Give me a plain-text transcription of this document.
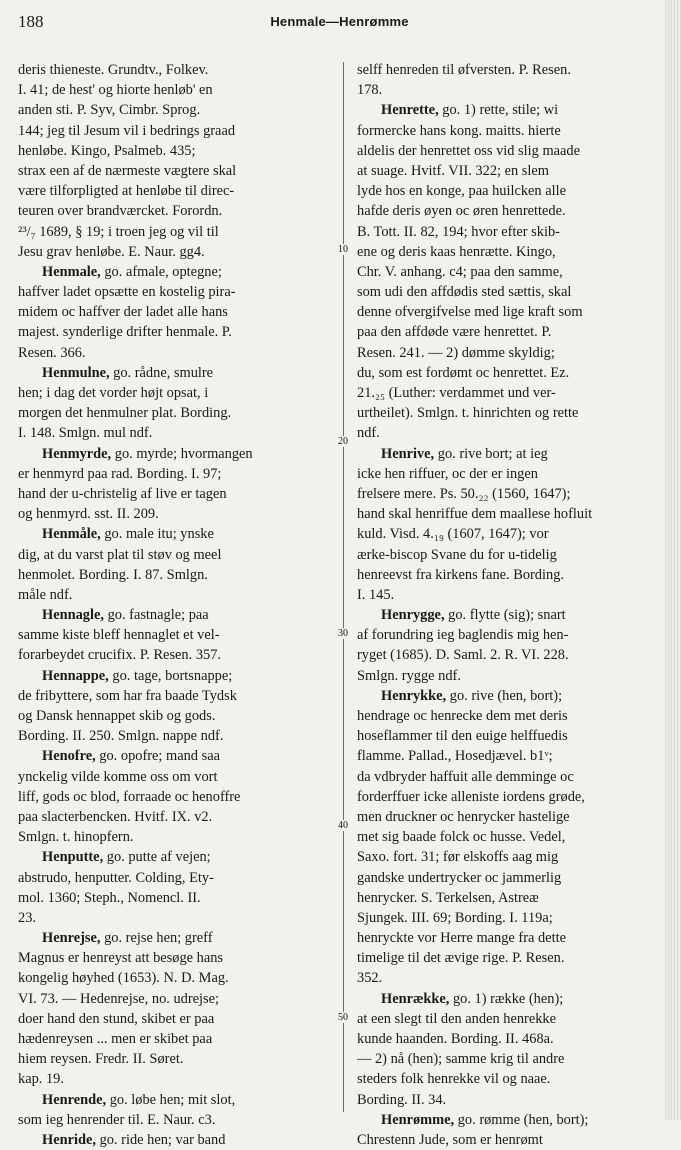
188	Henmale—Henrømme
deris thieneste. Grundtv., Folkev.
I. 41; de hest' og hiorte henløb' en
anden sti. P. Syv, Cimbr. Sprog.
144; jeg til Jesum vil i bedrings graad
henløbe. Kingo, Psalmeb. 435;
strax een af de nærmeste vægtere skal
være tilforpligted at henløbe til direc-
teuren over brandværcket. Forordn.
²³/₇ 1689, § 19; i troen jeg og vil til
Jesu grav henløbe. E. Naur. gg4.
Henmale, go. afmale, optegne;
haffver ladet opsætte en kostelig pira-
midem oc haffver der ladet alle hans
majest. synderlige drifter henmale. P.
Resen. 366.
Henmulne, go. rådne, smulre
hen; i dag det vorder højt opsat, i
morgen det henmulner plat. Bording.
I. 148. Smlgn. mul ndf.
Henmyrde, go. myrde; hvormangen
er henmyrd paa rad. Bording. I. 97;
hand der u-christelig af live er tagen
og henmyrd. sst. II. 209.
Henmåle, go. male itu; ynske
dig, at du varst plat til støv og meel
henmolet. Bording. I. 87. Smlgn.
måle ndf.
Hennagle, go. fastnagle; paa
samme kiste bleff hennaglet et vel-
forarbeydet crucifix. P. Resen. 357.
Hennappe, go. tage, bortsnappe;
de fribyttere, som har fra baade Tydsk
og Dansk hennappet skib og gods.
Bording. II. 250. Smlgn. nappe ndf.
Henofre, go. opofre; mand saa
ynckelig vilde komme oss om vort
liff, gods oc blod, forraade oc henoffre
paa slacterbencken. Hvitf. IX. v2.
Smlgn. t. hinopfern.
Henputte, go. putte af vejen;
abstrudo, henputter. Colding, Ety-
mol. 1360; Steph., Nomencl. II.
23.
Henrejse, go. rejse hen; greff
Magnus er henreyst att besøge hans
kongelig høyhed (1653). N. D. Mag.
VI. 73. — Hedenrejse, no. udrejse;
doer hand den stund, skibet er paa
hædenreysen ... men er skibet paa
hiem reysen. Fredr. II. Søret.
kap. 19.
Henrende, go. løbe hen; mit slot,
som ieg henrender til. E. Naur. c3.
Henride, go. ride hen; var band
selff henreden til øfversten. P. Resen.
178.
Henrette, go. 1) rette, stile; wi
formercke hans kong. maitts. hierte
aldelis der henrettet oss vid slig maade
at suage. Hvitf. VII. 322; en slem
lyde hos en konge, paa huilcken alle
hafde deris øyen oc øren henrettede.
B. Tott. II. 82, 194; hvor efter skib-
ene og deris kaas henrætte. Kingo,
Chr. V. anhang. c4; paa den samme,
som udi den affdødis sted sættis, skal
denne ofvergifvelse med lige kraft som
paa den affdøde være henrettet. P.
Resen. 241. — 2) dømme skyldig;
du, som est fordømt oc henrettet. Ez.
21.₂₅ (Luther: verdammet und ver-
urtheilet). Smlgn. t. hinrichten og rette
ndf.
Henrive, go. rive bort; at ieg
icke hen riffuer, oc der er ingen
frelsere mere. Ps. 50.₂₂ (1560, 1647);
hand skal henriffue dem maallese hofluit
kuld. Visd. 4.₁₉ (1607, 1647); vor
ærke-biscop Svane du for u-tidelig
henreevst fra kirkens fane. Bording.
I. 145.
Henrygge, go. flytte (sig); snart
af forundring ieg baglendis mig hen-
ryget (1685). D. Saml. 2. R. VI. 228.
Smlgn. rygge ndf.
Henrykke, go. rive (hen, bort);
hendrage oc henrecke dem met deris
hoseflammer til den euige helffuedis
flamme. Pallad., Hosedjævel. b1ᵛ;
da vdbryder haffuit alle demminge oc
forderffuer icke alleniste iordens grøde,
men druckner oc henrycker hastelige
met sig baade folck oc husse. Vedel,
Saxo. fort. 31; før elskoffs aag mig
gandske undertrycker oc jammerlig
henrycker. S. Terkelsen, Astreæ
Sjungek. III. 69; Bording. I. 119a;
henryckte vor Herre mange fra dette
timelige til det ævige rige. P. Resen.
352.
Henrække, go. 1) række (hen);
at een slegt til den anden henrekke
kunde haanden. Bording. II. 468a.
— 2) nå (hen); samme krig til andre
steders folk henrekke vil og naae.
Bording. II. 34.
Henrømme, go. rømme (hen, bort);
Chrestenn Jude, som er henrømt
10
20
30
40
50
